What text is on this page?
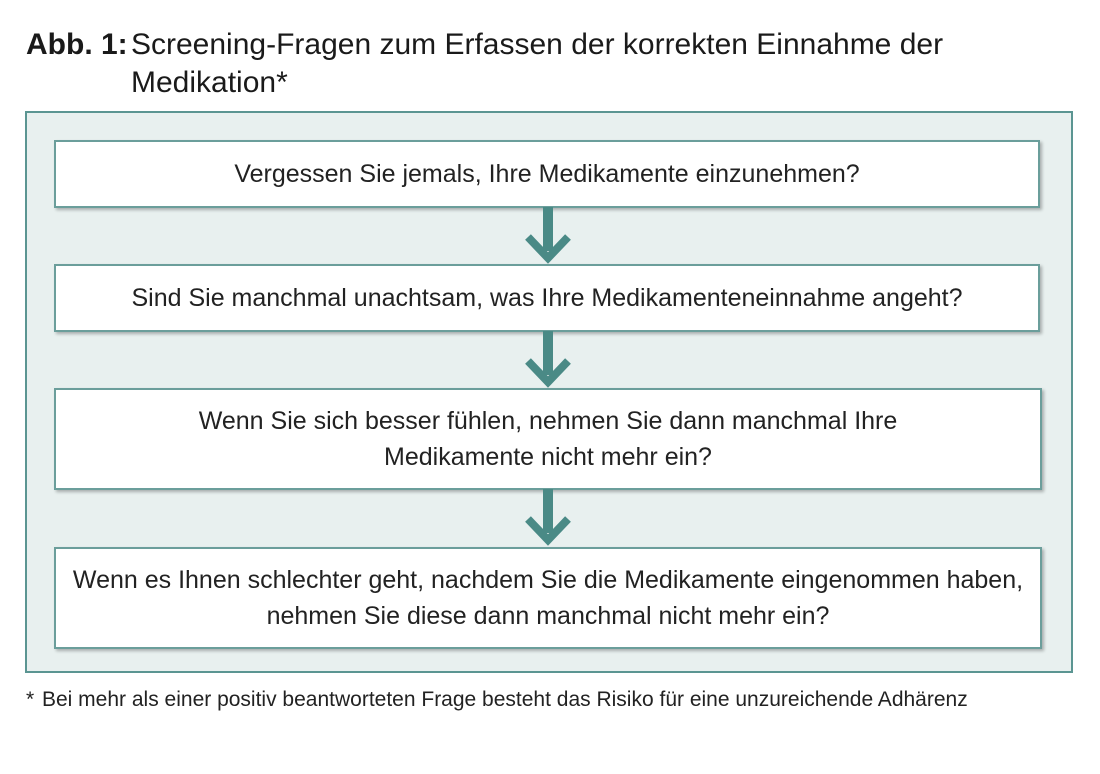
Abb. 1: Screening-Fragen zum Erfassen der korrekten Einnahme der Medikation*
Vergessen Sie jemals, Ihre Medikamente einzunehmen?
Sind Sie manchmal unachtsam, was Ihre Medikamenteneinnahme angeht?
Wenn Sie sich besser fühlen, nehmen Sie dann manchmal Ihre Medikamente nicht mehr ein?
Wenn es Ihnen schlechter geht, nachdem Sie die Medikamente eingenommen haben, nehmen Sie diese dann manchmal nicht mehr ein?
* Bei mehr als einer positiv beantworteten Frage besteht das Risiko für eine unzureichende Adhärenz
